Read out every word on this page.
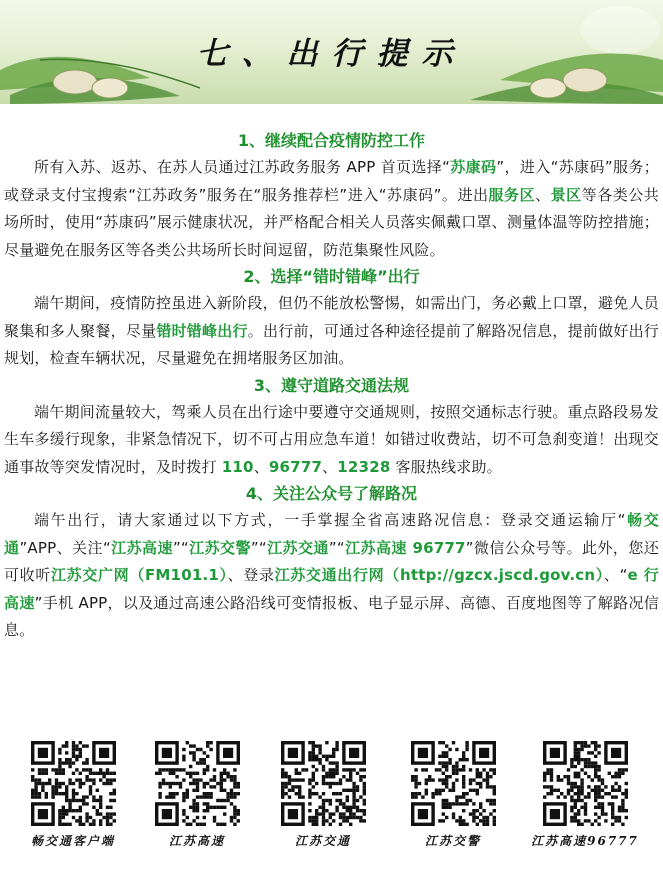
七、出行提示
1、继续配合疫情防控工作

所有入苏、返苏、在苏人员通过江苏政务服务 APP 首页选择“苏康码”，进入“苏康码”服务；或登录支付宝搜索“江苏政务”服务在“服务推荐栏”进入“苏康码”。进出服务区、景区等各类公共场所时，使用“苏康码”展示健康状况，并严格配合相关人员落实佩戴口罩、测量体温等防控措施；尽量避免在服务区等各类公共场所长时间逗留，防范集聚性风险。

2、选择“错时错峰”出行

端午期间，疫情防控虽进入新阶段，但仍不能放松警惕，如需出门，务必戴上口罩，避免人员聚集和多人聚餐，尽量错时错峰出行。出行前，可通过各种途径提前了解路况信息，提前做好出行规划，检查车辆状况，尽量避免在拥堵服务区加油。

3、遵守道路交通法规

端午期间流量较大，驾乘人员在出行途中要遵守交通规则，按照交通标志行驶。重点路段易发生车多缓行现象，非紧急情况下，切不可占用应急车道！如错过收费站，切不可急刹变道！出现交通事故等突发情况时，及时拨打 110、96777、12328 客服热线求助。

4、关注公众号了解路况

端午出行，请大家通过以下方式，一手掌握全省高速路况信息：登录交通运输厅“畅交通”APP、关注“江苏高速”“江苏交警”“江苏交通”“江苏高速 96777”微信公众号等。此外，您还可收听江苏交广网（FM101.1）、登录江苏交通出行网（http://gzcx.jscd.gov.cn）、“e 行高速”手机 APP，以及通过高速公路沿线可变情报板、电子显示屏、高德、百度地图等了解路况信息。

畅交通客户端	江苏高速	江苏交通	江苏交警	江苏高速96777
